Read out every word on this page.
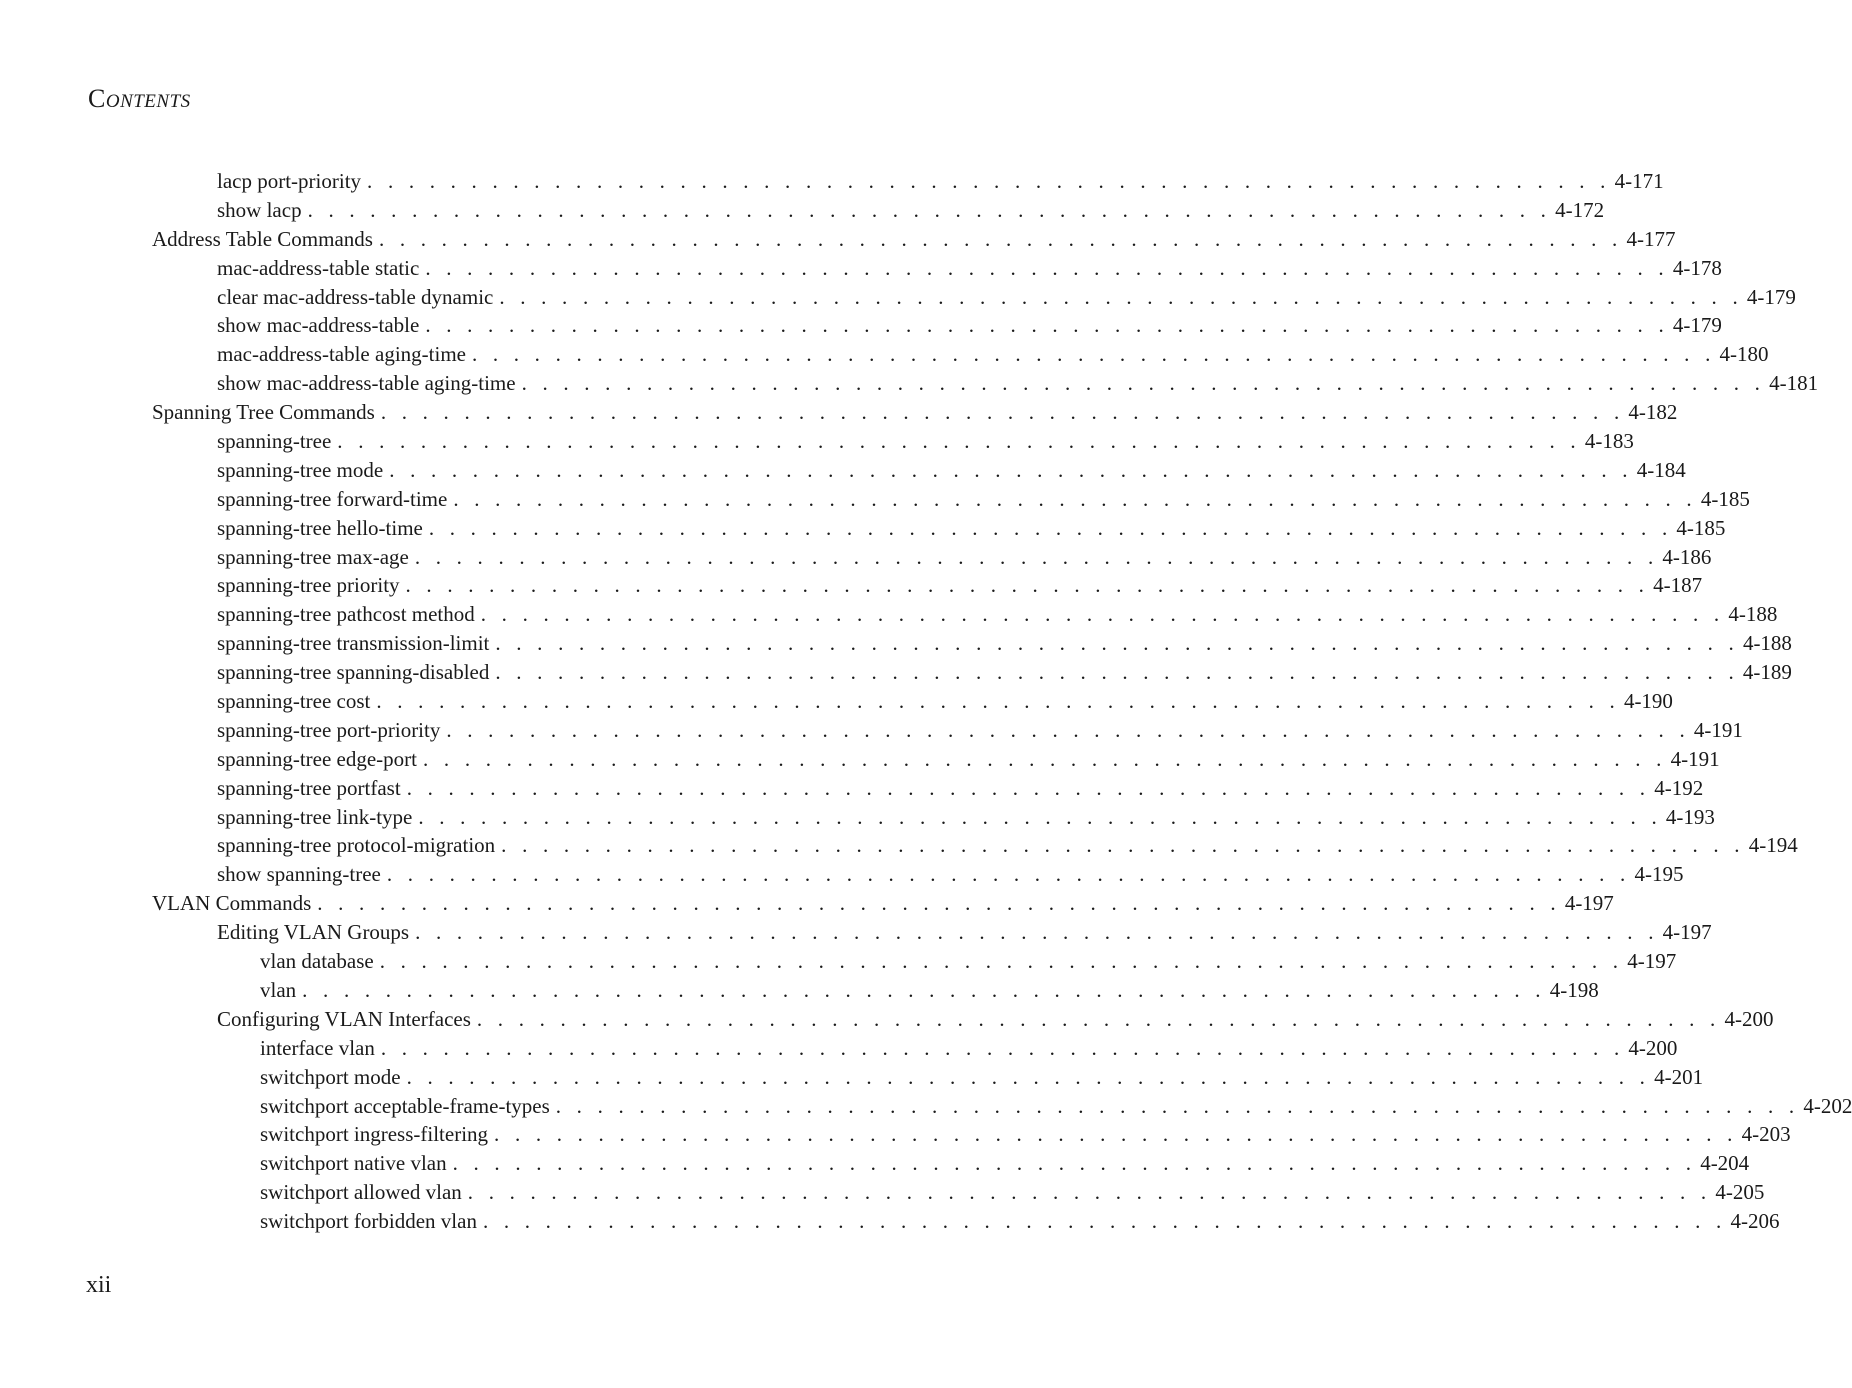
CONTENTS
lacp port-priority . . . . . . . . . . . . . . . . . . . . . . . . . . . . . . . . . . . . . . . . . . . . . . . . . . . . . . . . . . . . 4-171
show lacp . . . . . . . . . . . . . . . . . . . . . . . . . . . . . . . . . . . . . . . . . . . . . . . . . . . . . . . . . . . . 4-172
Address Table Commands . . . . . . . . . . . . . . . . . . . . . . . . . . . . . . . . . . . . . . . . . . . . . . . . . . . . . . . . . . . . 4-177
mac-address-table static . . . . . . . . . . . . . . . . . . . . . . . . . . . . . . . . . . . . . . . . . . . . . . . . . . . . . . . . . . . . 4-178
clear mac-address-table dynamic . . . . . . . . . . . . . . . . . . . . . . . . . . . . . . . . . . . . . . . . . . . . . . . . . . . . . . . . . . . . 4-179
show mac-address-table . . . . . . . . . . . . . . . . . . . . . . . . . . . . . . . . . . . . . . . . . . . . . . . . . . . . . . . . . . . . 4-179
mac-address-table aging-time . . . . . . . . . . . . . . . . . . . . . . . . . . . . . . . . . . . . . . . . . . . . . . . . . . . . . . . . . . . . 4-180
show mac-address-table aging-time . . . . . . . . . . . . . . . . . . . . . . . . . . . . . . . . . . . . . . . . . . . . . . . . . . . . . . . . . . . . 4-181
Spanning Tree Commands . . . . . . . . . . . . . . . . . . . . . . . . . . . . . . . . . . . . . . . . . . . . . . . . . . . . . . . . . . . . 4-182
spanning-tree . . . . . . . . . . . . . . . . . . . . . . . . . . . . . . . . . . . . . . . . . . . . . . . . . . . . . . . . . . . . 4-183
spanning-tree mode . . . . . . . . . . . . . . . . . . . . . . . . . . . . . . . . . . . . . . . . . . . . . . . . . . . . . . . . . . . . 4-184
spanning-tree forward-time . . . . . . . . . . . . . . . . . . . . . . . . . . . . . . . . . . . . . . . . . . . . . . . . . . . . . . . . . . . . 4-185
spanning-tree hello-time . . . . . . . . . . . . . . . . . . . . . . . . . . . . . . . . . . . . . . . . . . . . . . . . . . . . . . . . . . . . 4-185
spanning-tree max-age . . . . . . . . . . . . . . . . . . . . . . . . . . . . . . . . . . . . . . . . . . . . . . . . . . . . . . . . . . . . 4-186
spanning-tree priority . . . . . . . . . . . . . . . . . . . . . . . . . . . . . . . . . . . . . . . . . . . . . . . . . . . . . . . . . . . . 4-187
spanning-tree pathcost method . . . . . . . . . . . . . . . . . . . . . . . . . . . . . . . . . . . . . . . . . . . . . . . . . . . . . . . . . . . . 4-188
spanning-tree transmission-limit . . . . . . . . . . . . . . . . . . . . . . . . . . . . . . . . . . . . . . . . . . . . . . . . . . . . . . . . . . . . 4-188
spanning-tree spanning-disabled . . . . . . . . . . . . . . . . . . . . . . . . . . . . . . . . . . . . . . . . . . . . . . . . . . . . . . . . . . . . 4-189
spanning-tree cost . . . . . . . . . . . . . . . . . . . . . . . . . . . . . . . . . . . . . . . . . . . . . . . . . . . . . . . . . . . . 4-190
spanning-tree port-priority . . . . . . . . . . . . . . . . . . . . . . . . . . . . . . . . . . . . . . . . . . . . . . . . . . . . . . . . . . . . 4-191
spanning-tree edge-port . . . . . . . . . . . . . . . . . . . . . . . . . . . . . . . . . . . . . . . . . . . . . . . . . . . . . . . . . . . . 4-191
spanning-tree portfast . . . . . . . . . . . . . . . . . . . . . . . . . . . . . . . . . . . . . . . . . . . . . . . . . . . . . . . . . . . . 4-192
spanning-tree link-type . . . . . . . . . . . . . . . . . . . . . . . . . . . . . . . . . . . . . . . . . . . . . . . . . . . . . . . . . . . . 4-193
spanning-tree protocol-migration . . . . . . . . . . . . . . . . . . . . . . . . . . . . . . . . . . . . . . . . . . . . . . . . . . . . . . . . . . . . 4-194
show spanning-tree . . . . . . . . . . . . . . . . . . . . . . . . . . . . . . . . . . . . . . . . . . . . . . . . . . . . . . . . . . . . 4-195
VLAN Commands . . . . . . . . . . . . . . . . . . . . . . . . . . . . . . . . . . . . . . . . . . . . . . . . . . . . . . . . . . . . 4-197
Editing VLAN Groups . . . . . . . . . . . . . . . . . . . . . . . . . . . . . . . . . . . . . . . . . . . . . . . . . . . . . . . . . . . . 4-197
vlan database . . . . . . . . . . . . . . . . . . . . . . . . . . . . . . . . . . . . . . . . . . . . . . . . . . . . . . . . . . . . 4-197
vlan . . . . . . . . . . . . . . . . . . . . . . . . . . . . . . . . . . . . . . . . . . . . . . . . . . . . . . . . . . . . 4-198
Configuring VLAN Interfaces . . . . . . . . . . . . . . . . . . . . . . . . . . . . . . . . . . . . . . . . . . . . . . . . . . . . . . . . . . . . 4-200
interface vlan . . . . . . . . . . . . . . . . . . . . . . . . . . . . . . . . . . . . . . . . . . . . . . . . . . . . . . . . . . . . 4-200
switchport mode . . . . . . . . . . . . . . . . . . . . . . . . . . . . . . . . . . . . . . . . . . . . . . . . . . . . . . . . . . . . 4-201
switchport acceptable-frame-types . . . . . . . . . . . . . . . . . . . . . . . . . . . . . . . . . . . . . . . . . . . . . . . . . . . . . . . . . . . . 4-202
switchport ingress-filtering . . . . . . . . . . . . . . . . . . . . . . . . . . . . . . . . . . . . . . . . . . . . . . . . . . . . . . . . . . . . 4-203
switchport native vlan . . . . . . . . . . . . . . . . . . . . . . . . . . . . . . . . . . . . . . . . . . . . . . . . . . . . . . . . . . . . 4-204
switchport allowed vlan . . . . . . . . . . . . . . . . . . . . . . . . . . . . . . . . . . . . . . . . . . . . . . . . . . . . . . . . . . . . 4-205
switchport forbidden vlan . . . . . . . . . . . . . . . . . . . . . . . . . . . . . . . . . . . . . . . . . . . . . . . . . . . . . . . . . . . . 4-206
xii
